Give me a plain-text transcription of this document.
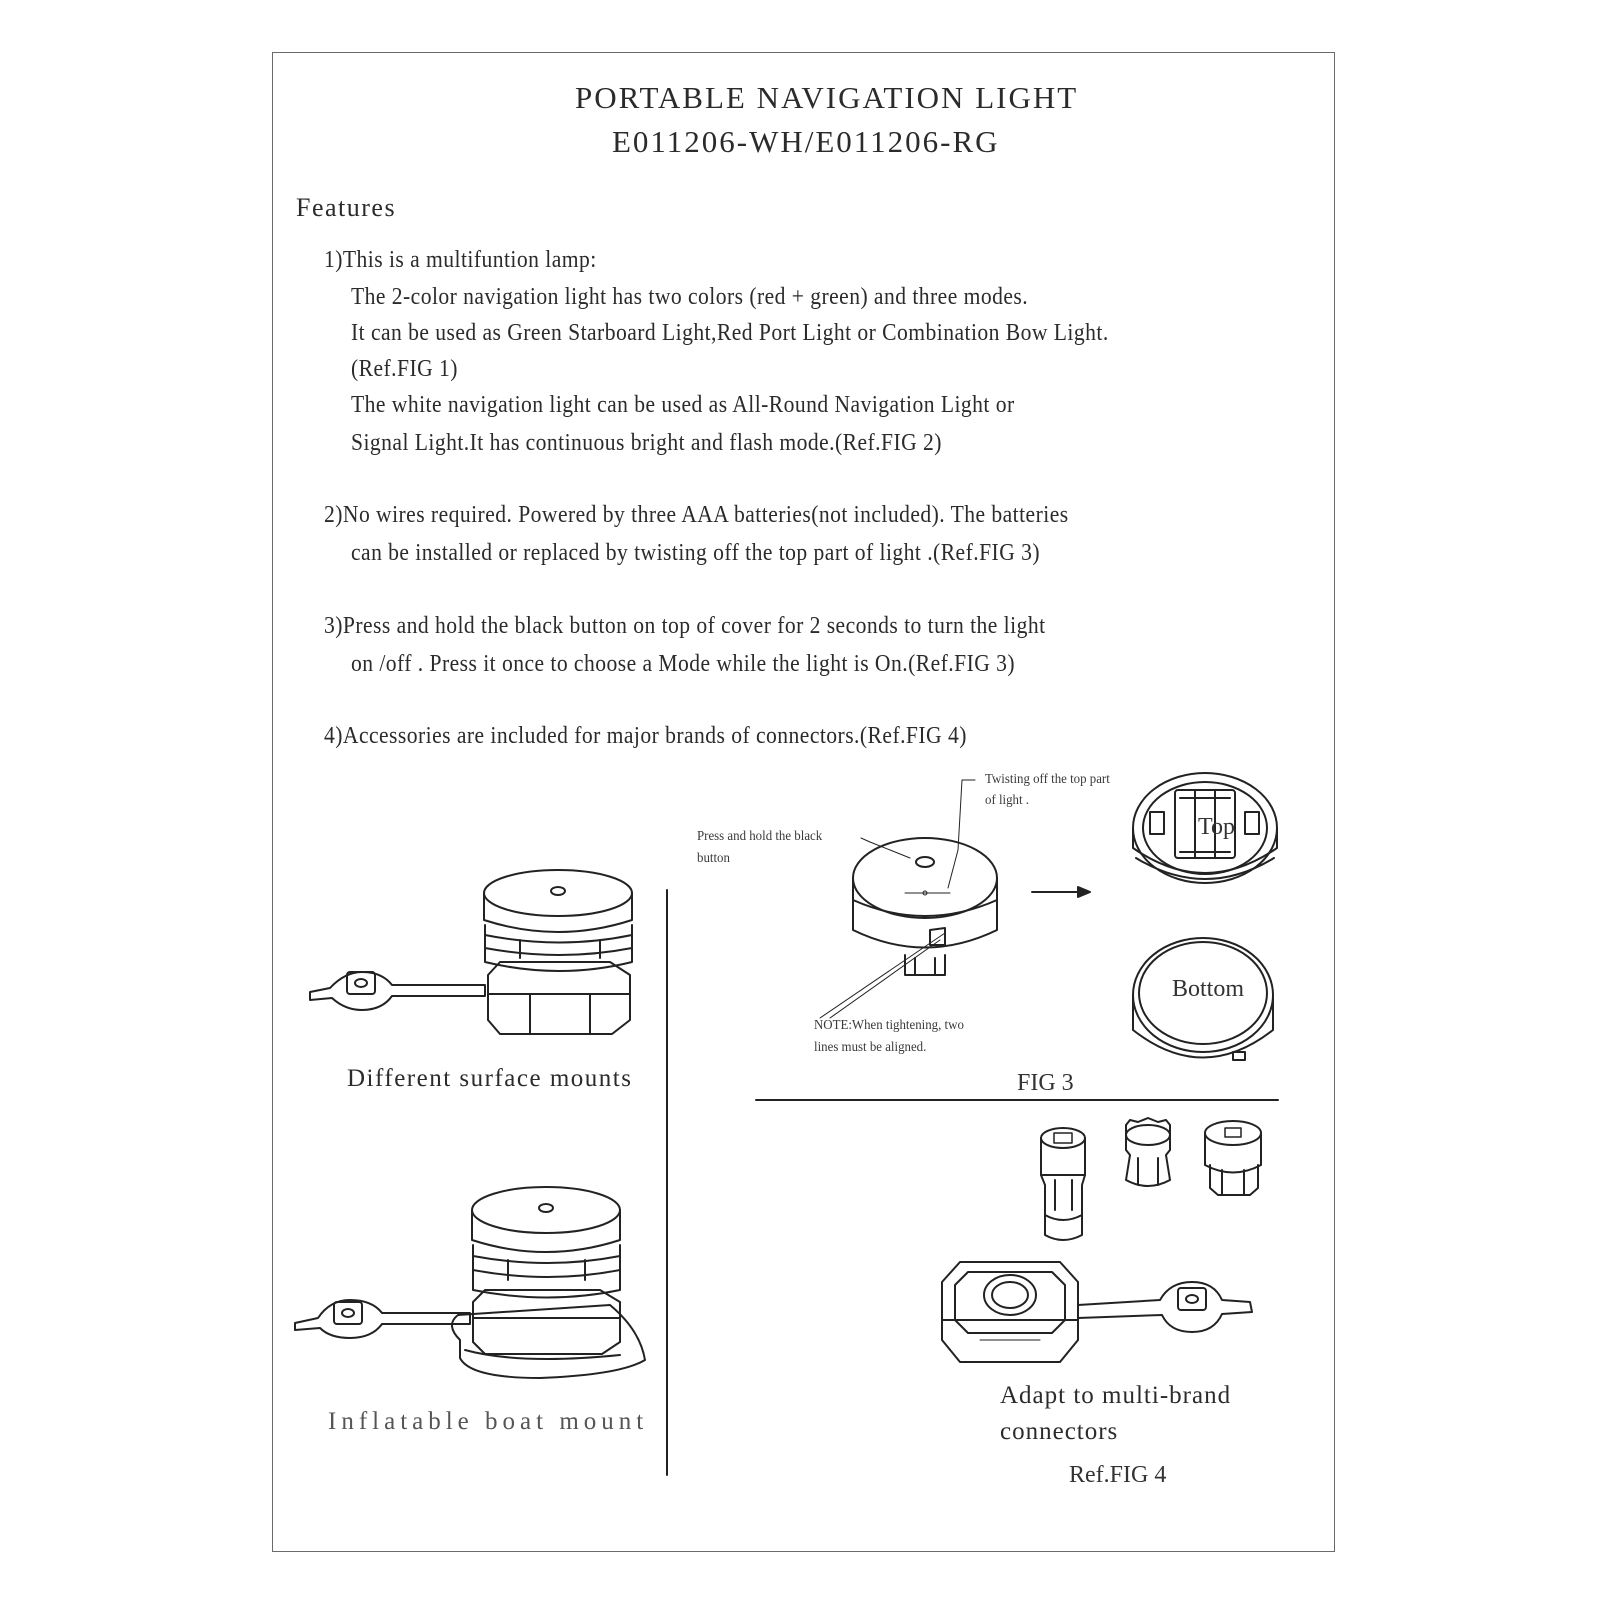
PORTABLE NAVIGATION LIGHT
E011206-WH/E011206-RG
Features
1)This is a multifuntion lamp:
The 2-color navigation light has two colors (red + green) and three modes.
It can be used as Green Starboard Light,Red Port Light or Combination Bow Light.
(Ref.FIG 1)
The white navigation light can be used as All-Round Navigation Light or
Signal Light.It has continuous bright and flash mode.(Ref.FIG 2)
2)No wires required. Powered by three AAA batteries(not included). The batteries
can be installed or replaced by twisting off the top part of light .(Ref.FIG 3)
3)Press and hold the black button on top of cover for 2 seconds to turn the light
on /off . Press it once to choose a Mode while the light is On.(Ref.FIG 3)
4)Accessories are included for major brands of connectors.(Ref.FIG 4)
Twisting off the top part
of light .
Press and hold the black
button
NOTE:When tightening, two
lines must be aligned.
Top
Bottom
FIG 3
Different surface mounts
Inflatable boat mount
Adapt to multi-brand
connectors
Ref.FIG 4
